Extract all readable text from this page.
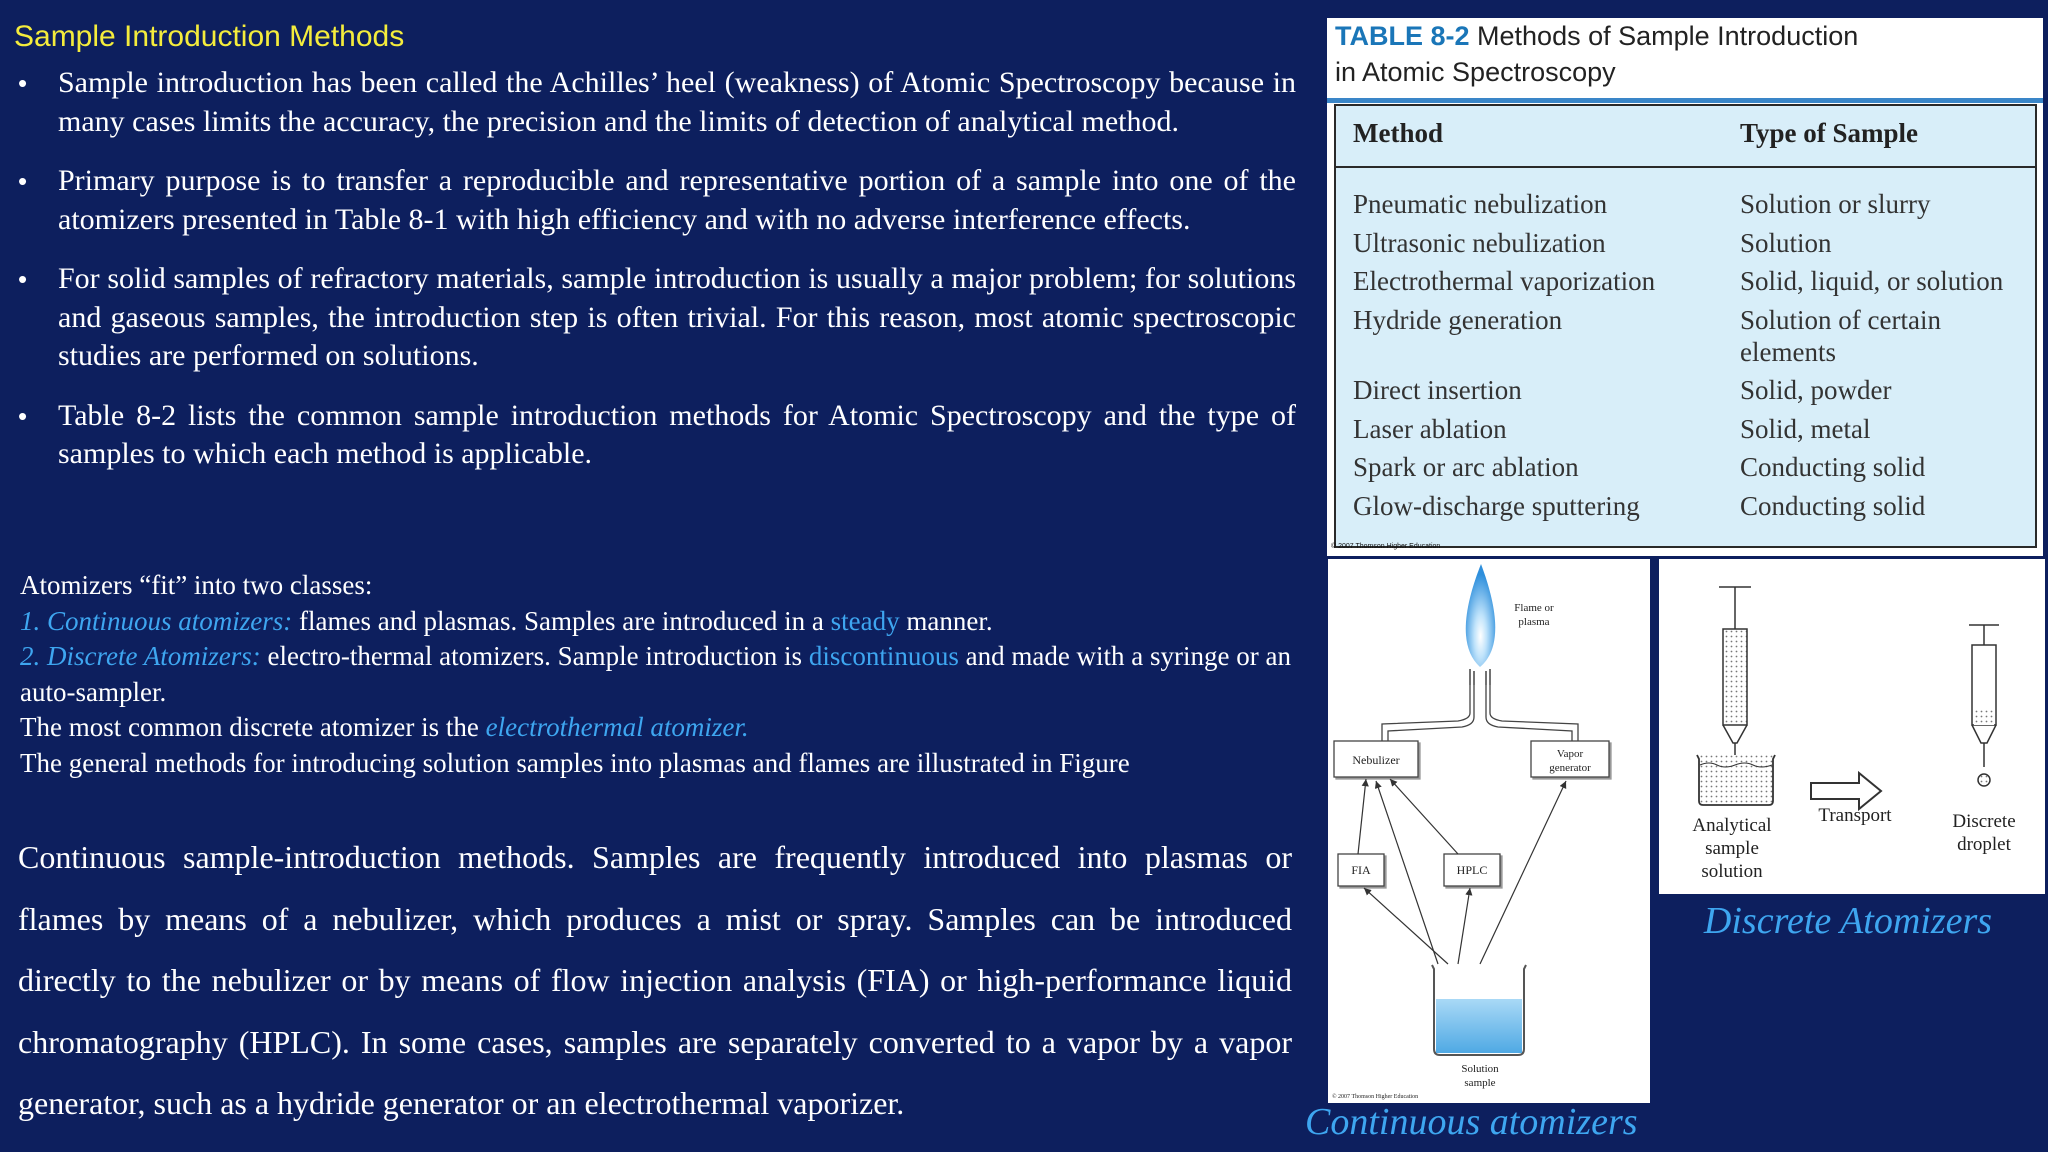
Sample Introduction Methods
• Sample introduction has been called the Achilles’ heel (weakness) of Atomic Spectroscopy because in many cases limits the accuracy, the precision and the limits of detection of analytical method.
• Primary purpose is to transfer a reproducible and representative portion of a sample into one of the atomizers presented in Table 8-1 with high efficiency and with no adverse interference effects.
• For solid samples of refractory materials, sample introduction is usually a major problem; for solutions and gaseous samples, the introduction step is often trivial. For this reason, most atomic spectroscopic studies are performed on solutions.
• Table 8-2 lists the common sample introduction methods for Atomic Spectroscopy and the type of samples to which each method is applicable.

Atomizers “fit” into two classes:

1. Continuous atomizers: flames and plasmas. Samples are introduced in a steady manner.

2. Discrete Atomizers: electro-thermal atomizers. Sample introduction is discontinuous and made with a syringe or an auto-sampler.

The most common discrete atomizer is the electrothermal atomizer.

The general methods for introducing solution samples into plasmas and flames are illustrated in Figure

Continuous sample-introduction methods. Samples are frequently introduced into plasmas or flames by means of a nebulizer, which produces a mist or spray. Samples can be introduced directly to the nebulizer or by means of flow injection analysis (FIA) or high-performance liquid chromatography (HPLC). In some cases, samples are separately converted to a vapor by a vapor generator, such as a hydride generator or an electrothermal vaporizer.
TABLE 8-2 Methods of Sample Introduction
in Atomic Spectroscopy
Method	Type of Sample
Pneumatic nebulization	Solution or slurry
Ultrasonic nebulization	Solution
Electrothermal vaporization	Solid, liquid, or solution
Hydride generation	Solution of certain elements
Direct insertion	Solid, powder
Laser ablation	Solid, metal
Spark or arc ablation	Conducting solid
Glow-discharge sputtering	Conducting solid
© 2007 Thomson Higher Education
Nebulizer	Vapor
generator
FIA	HPLC
Solution
sample
Flame or
plasma
© 2007 Thomson Higher Education
Analytical
sample
solution
Transport	Discrete
droplet
Continuous atomizers
Discrete Atomizers
